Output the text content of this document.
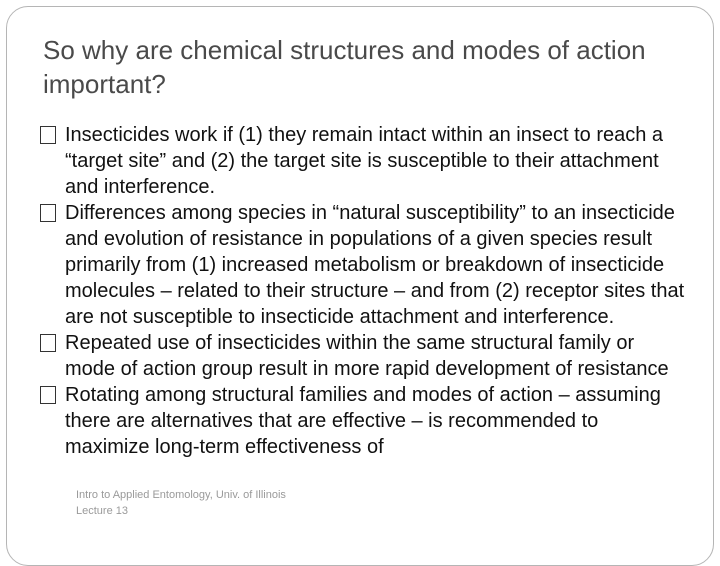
So why are chemical structures and modes of action important?
Insecticides work if (1) they remain intact within an insect to reach a “target site” and (2) the target site is susceptible to their attachment and interference.
Differences among species in “natural susceptibility” to an insecticide and evolution of resistance in populations of a given species result primarily from (1) increased metabolism or breakdown of insecticide molecules – related to their structure – and from (2) receptor sites that are not susceptible to insecticide attachment and interference.
Repeated use of insecticides within the same structural family or mode of action group result in more rapid development of resistance
Rotating among structural families and modes of action – assuming there are alternatives that are effective – is recommended to maximize long-term effectiveness of
Intro to Applied Entomology, Univ. of Illinois
Lecture 13
